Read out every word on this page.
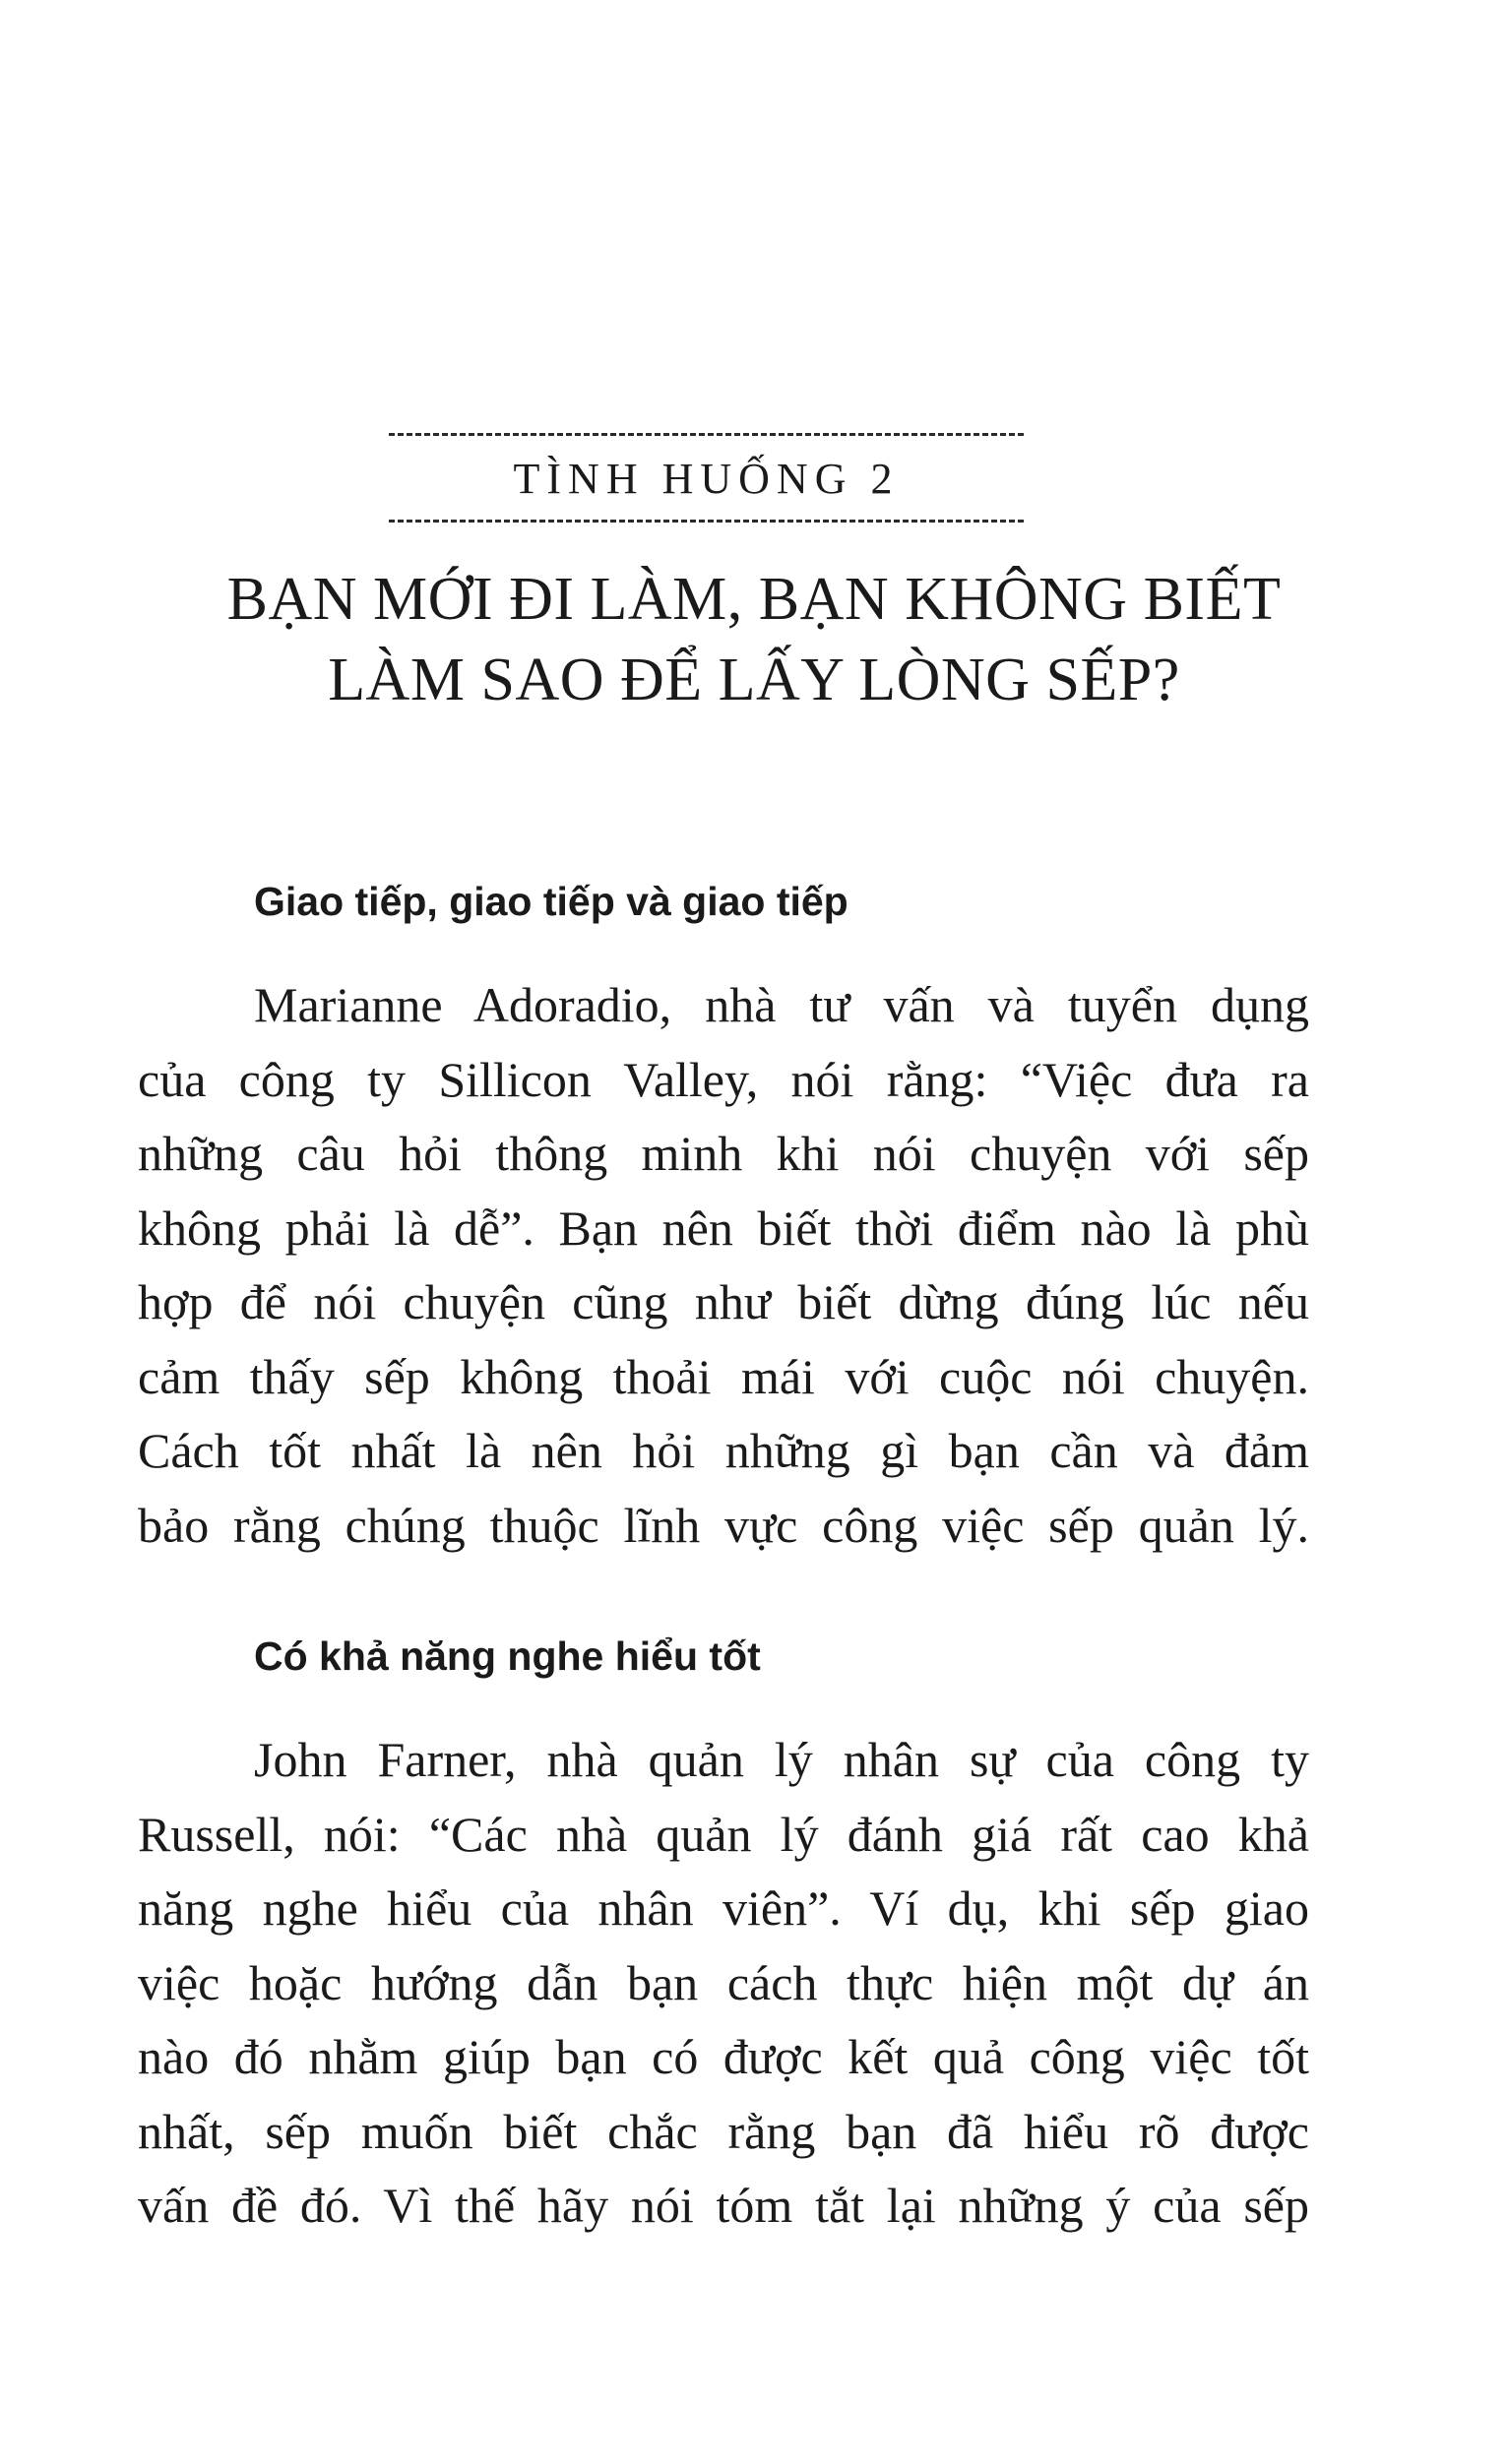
TÌNH HUỐNG 2
BẠN MỚI ĐI LÀM, BẠN KHÔNG BIẾT
LÀM SAO ĐỂ LẤY LÒNG SẾP?
Giao tiếp, giao tiếp và giao tiếp
Marianne Adoradio, nhà tư vấn và tuyển dụng
của công ty Sillicon Valley, nói rằng: “Việc đưa ra
những câu hỏi thông minh khi nói chuyện với sếp
không phải là dễ”. Bạn nên biết thời điểm nào là phù
hợp để nói chuyện cũng như biết dừng đúng lúc nếu
cảm thấy sếp không thoải mái với cuộc nói chuyện.
Cách tốt nhất là nên hỏi những gì bạn cần và đảm
bảo rằng chúng thuộc lĩnh vực công việc sếp quản lý.
Có khả năng nghe hiểu tốt
John Farner, nhà quản lý nhân sự của công ty
Russell, nói: “Các nhà quản lý đánh giá rất cao khả
năng nghe hiểu của nhân viên”. Ví dụ, khi sếp giao
việc hoặc hướng dẫn bạn cách thực hiện một dự án
nào đó nhằm giúp bạn có được kết quả công việc tốt
nhất, sếp muốn biết chắc rằng bạn đã hiểu rõ được
vấn đề đó. Vì thế hãy nói tóm tắt lại những ý của sếp
